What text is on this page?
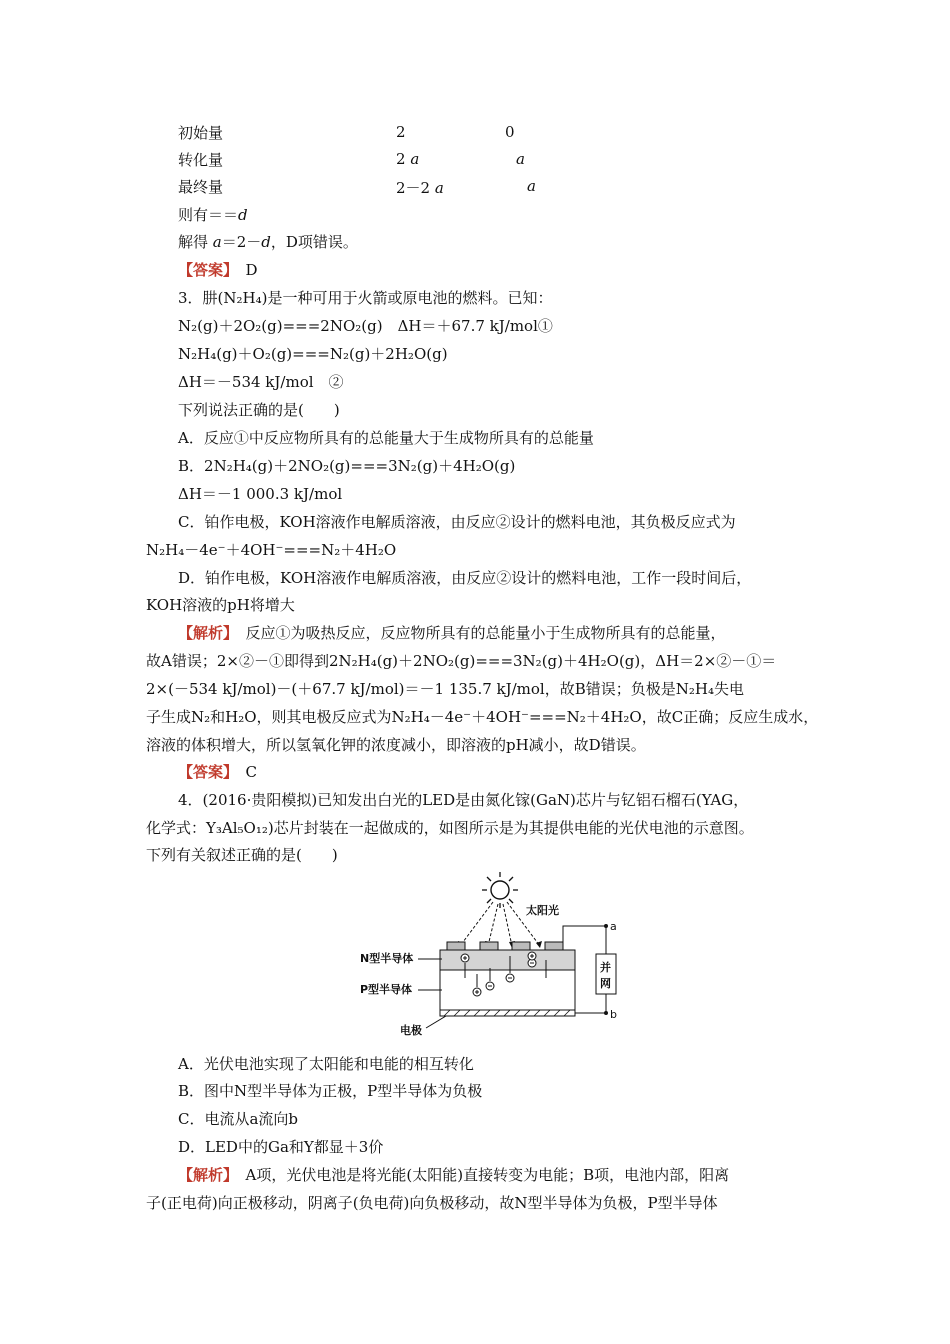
初始量	2	0
转化量	2 a	a
最终量	2－2 a	a
则有＝＝d
解得 a＝2－d，D项错误。
【答案】　 D
3．肼(N₂H₄)是一种可用于火箭或原电池的燃料。已知：
N₂(g)＋2O₂(g)===2NO₂(g)　ΔH＝＋67.7 kJ/mol①
N₂H₄(g)＋O₂(g)===N₂(g)＋2H₂O(g)
ΔH＝－534 kJ/mol　②
下列说法正确的是(　　)
A．反应①中反应物所具有的总能量大于生成物所具有的总能量
B．2N₂H₄(g)＋2NO₂(g)===3N₂(g)＋4H₂O(g)
ΔH＝－1 000.3 kJ/mol
C．铂作电极，KOH溶液作电解质溶液，由反应②设计的燃料电池，其负极反应式为
N₂H₄－4e⁻＋4OH⁻===N₂＋4H₂O
D．铂作电极，KOH溶液作电解质溶液，由反应②设计的燃料电池，工作一段时间后，
KOH溶液的pH将增大
【解析】　 反应①为吸热反应，反应物所具有的总能量小于生成物所具有的总能量，
故A错误；2×②－①即得到2N₂H₄(g)＋2NO₂(g)===3N₂(g)＋4H₂O(g)，ΔH＝2×②－①＝
2×(－534 kJ/mol)－(＋67.7 kJ/mol)＝－1 135.7 kJ/mol，故B错误；负极是N₂H₄失电
子生成N₂和H₂O，则其电极反应式为N₂H₄－4e⁻＋4OH⁻===N₂＋4H₂O，故C正确；反应生成水，
溶液的体积增大，所以氢氧化钾的浓度减小，即溶液的pH减小，故D错误。
【答案】　 C
4．(2016·贵阳模拟)已知发出白光的LED是由氮化镓(GaN)芯片与钇铝石榴石(YAG，
化学式：Y₃Al₅O₁₂)芯片封装在一起做成的，如图所示是为其提供电能的光伏电池的示意图。
下列有关叙述正确的是(　　)
太阳光
N型半导体
P型半导体
电极
a
b
并
网
A．光伏电池实现了太阳能和电能的相互转化
B．图中N型半导体为正极，P型半导体为负极
C．电流从a流向b
D．LED中的Ga和Y都显＋3价
【解析】　 A项，光伏电池是将光能(太阳能)直接转变为电能；B项，电池内部，阳离
子(正电荷)向正极移动，阴离子(负电荷)向负极移动，故N型半导体为负极，P型半导体
